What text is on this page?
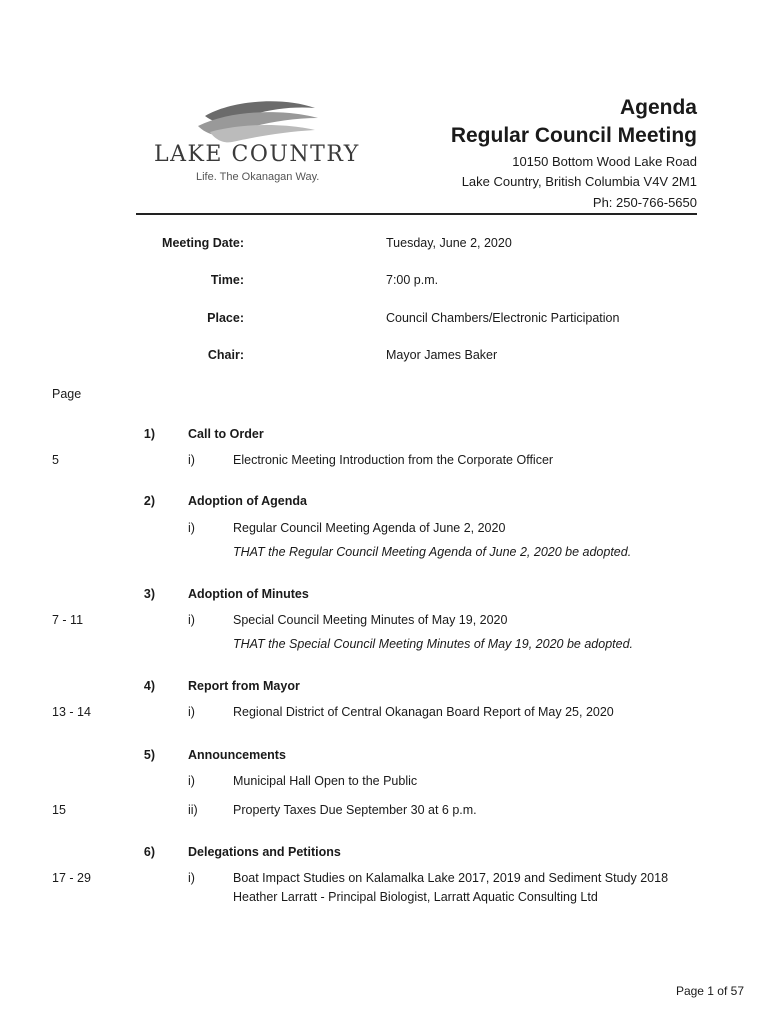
LAKE COUNTRY
Life. The Okanagan Way.
Agenda
Regular Council Meeting
10150 Bottom Wood Lake Road
Lake Country, British Columbia V4V 2M1
Ph: 250-766-5650
Meeting Date:	Tuesday, June 2, 2020
Time:	7:00 p.m.
Place:	Council Chambers/Electronic Participation
Chair:	Mayor James Baker
Page
1)	Call to Order
5	i)	Electronic Meeting Introduction from the Corporate Officer
2)	Adoption of Agenda
i)	Regular Council Meeting Agenda of June 2, 2020
THAT the Regular Council Meeting Agenda of June 2, 2020 be adopted.
3)	Adoption of Minutes
7 - 11	i)	Special Council Meeting Minutes of May 19, 2020
THAT the Special Council Meeting Minutes of May 19, 2020 be adopted.
4)	Report from Mayor
13 - 14	i)	Regional District of Central Okanagan Board Report of May 25, 2020
5)	Announcements
i)	Municipal Hall Open to the Public
15	ii)	Property Taxes Due September 30 at 6 p.m.
6)	Delegations and Petitions
17 - 29	i)	Boat Impact Studies on Kalamalka Lake 2017, 2019 and Sediment Study 2018
Heather Larratt - Principal Biologist, Larratt Aquatic Consulting Ltd
Page 1 of 57
